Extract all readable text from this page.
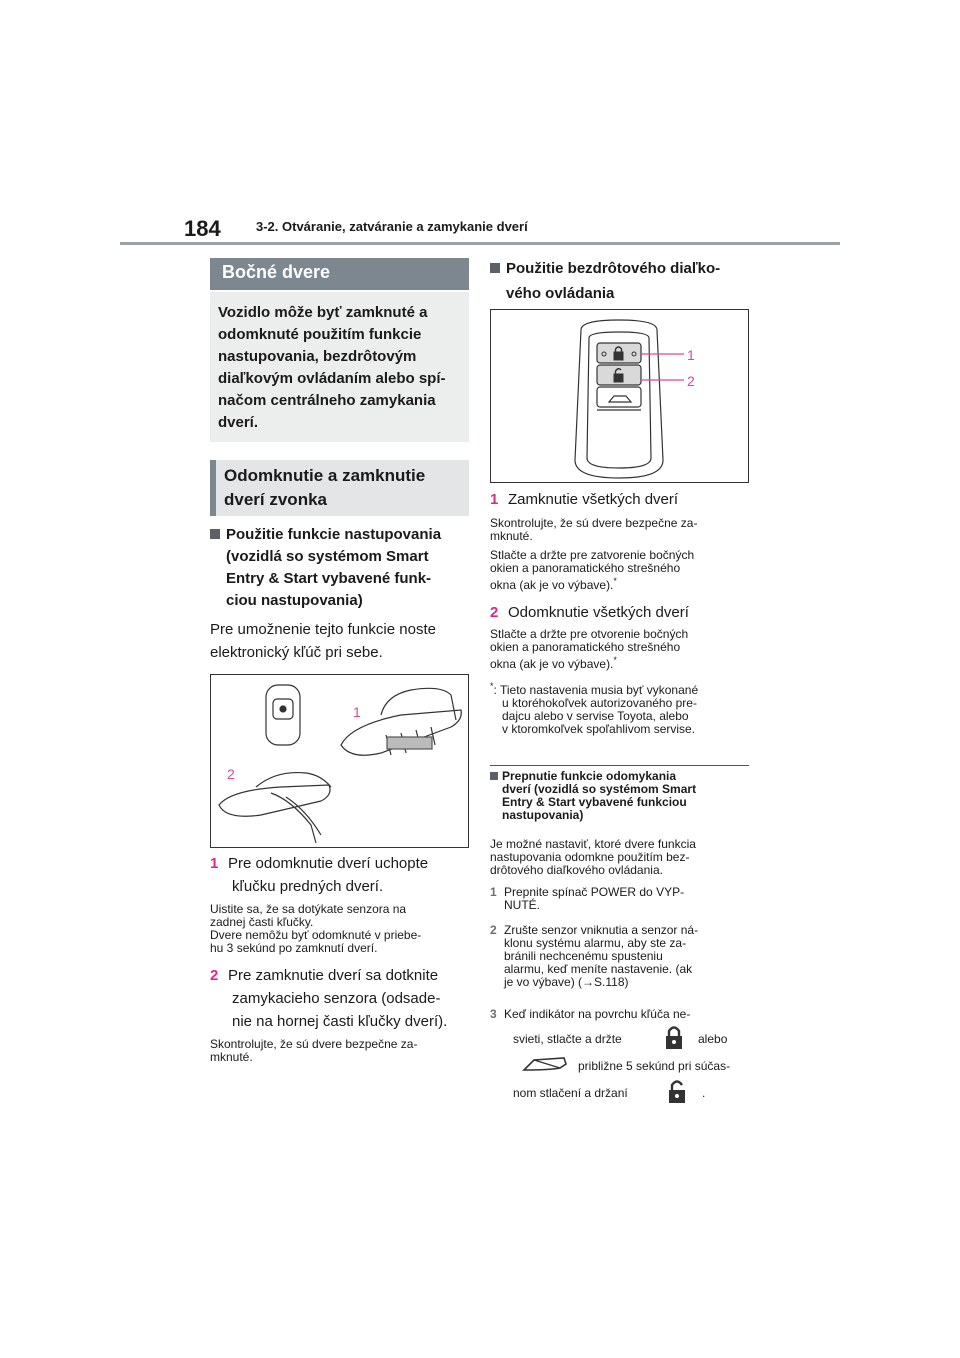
184	3-2. Otváranie, zatváranie a zamykanie dverí
Bočné dvere
Vozidlo môže byť zamknuté a odomknuté použitím funkcie nastupovania, bezdrôtovým diaľkovým ovládaním alebo spí-načom centrálneho zamykania dverí.
Odomknutie a zamknutie
dverí zvonka
Použitie funkcie nastupovania
(vozidlá so systémom Smart
Entry & Start vybavené funk-
ciou nastupovania)
Pre umožnenie tejto funkcie noste
elektronický kľúč pri sebe.
1
2
1 Pre odomknutie dverí uchopte
kľučku predných dverí.
Uistite sa, že sa dotýkate senzora na
zadnej časti kľučky.
Dvere nemôžu byť odomknuté v priebe-
hu 3 sekúnd po zamknutí dverí.
2 Pre zamknutie dverí sa dotknite
zamykacieho senzora (odsade-
nie na hornej časti kľučky dverí).
Skontrolujte, že sú dvere bezpečne za-
mknuté.
Použitie bezdrôtového diaľko-
vého ovládania
1
2
1 Zamknutie všetkých dverí
Skontrolujte, že sú dvere bezpečne za-
mknuté.
Stlačte a držte pre zatvorenie bočných
okien a panoramatického strešného
okna (ak je vo výbave).*
2 Odomknutie všetkých dverí
Stlačte a držte pre otvorenie bočných
okien a panoramatického strešného
okna (ak je vo výbave).*
*: Tieto nastavenia musia byť vykonané
u ktoréhokoľvek autorizovaného pre-
dajcu alebo v servise Toyota, alebo
v ktoromkoľvek spoľahlivom servise.
Prepnutie funkcie odomykania
dverí (vozidlá so systémom Smart
Entry & Start vybavené funkciou
nastupovania)
Je možné nastaviť, ktoré dvere funkcia
nastupovania odomkne použitím bez-
drôtového diaľkového ovládania.
1 Prepnite spínač POWER do VYP-
NUTÉ.
2 Zrušte senzor vniknutia a senzor ná-
klonu systému alarmu, aby ste za-
bránili nechcenému spusteniu
alarmu, keď meníte nastavenie. (ak
je vo výbave) (→S.118)
3 Keď indikátor na povrchu kľúča ne-
svieti, stlačte a držte	alebo
približne 5 sekúnd pri súčas-
nom stlačení a držaní	.
